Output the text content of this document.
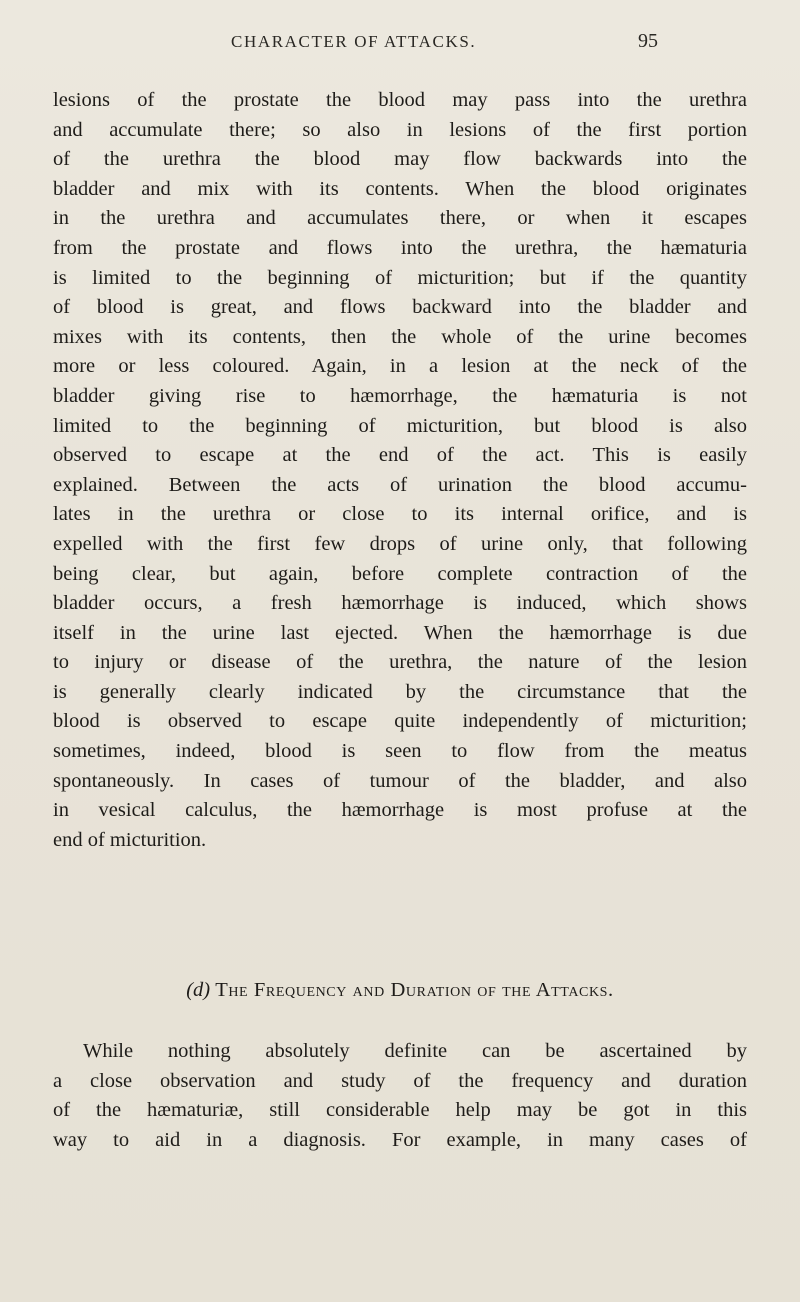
CHARACTER OF ATTACKS.	95
lesions of the prostate the blood may pass into the urethra
and accumulate there; so also in lesions of the first portion
of the urethra the blood may flow backwards into the
bladder and mix with its contents. When the blood originates
in the urethra and accumulates there, or when it escapes
from the prostate and flows into the urethra, the hæmaturia
is limited to the beginning of micturition; but if the quantity
of blood is great, and flows backward into the bladder and
mixes with its contents, then the whole of the urine becomes
more or less coloured. Again, in a lesion at the neck of the
bladder giving rise to hæmorrhage, the hæmaturia is not
limited to the beginning of micturition, but blood is also
observed to escape at the end of the act. This is easily
explained. Between the acts of urination the blood accumu-
lates in the urethra or close to its internal orifice, and is
expelled with the first few drops of urine only, that following
being clear, but again, before complete contraction of the
bladder occurs, a fresh hæmorrhage is induced, which shows
itself in the urine last ejected. When the hæmorrhage is due
to injury or disease of the urethra, the nature of the lesion
is generally clearly indicated by the circumstance that the
blood is observed to escape quite independently of micturition;
sometimes, indeed, blood is seen to flow from the meatus
spontaneously. In cases of tumour of the bladder, and also
in vesical calculus, the hæmorrhage is most profuse at the
end of micturition.
(d) The Frequency and Duration of the Attacks.
While nothing absolutely definite can be ascertained by
a close observation and study of the frequency and duration
of the hæmaturiæ, still considerable help may be got in this
way to aid in a diagnosis. For example, in many cases of
